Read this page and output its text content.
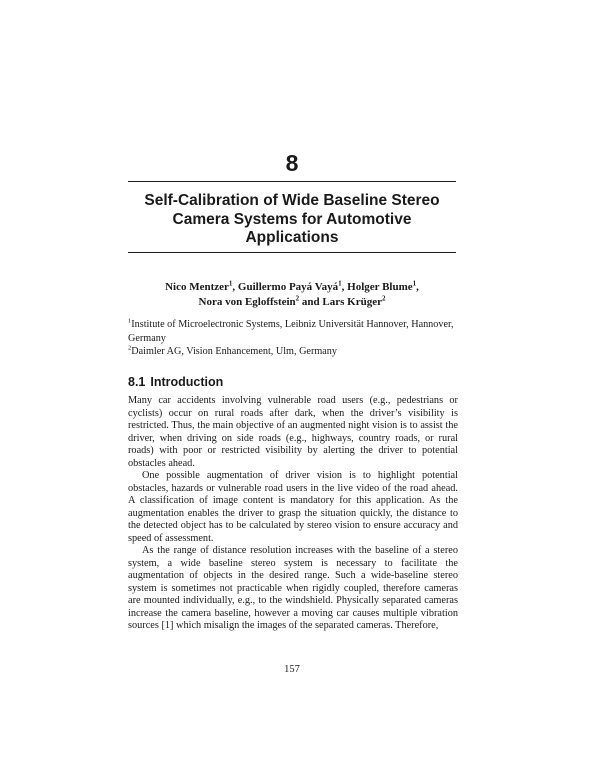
8
Self-Calibration of Wide Baseline Stereo
Camera Systems for Automotive
Applications
Nico Mentzer$^1$, Guillermo Payá Vayá$^1$, Holger Blume$^1$,
Nora von Egloffstein$^2$ and Lars Krüger$^2$
$^1$Institute of Microelectronic Systems, Leibniz Universität Hannover, Hannover, Germany
$^2$Daimler AG, Vision Enhancement, Ulm, Germany
8.1 Introduction

Many car accidents involving vulnerable road users (e.g., pedestrians or cyclists) occur on rural roads after dark, when the driver’s visibility is restricted. Thus, the main objective of an augmented night vision is to assist the driver, when driving on side roads (e.g., highways, country roads, or rural roads) with poor or restricted visibility by alerting the driver to potential obstacles ahead.

One possible augmentation of driver vision is to highlight potential obstacles, hazards or vulnerable road users in the live video of the road ahead. A classification of image content is mandatory for this application. As the augmentation enables the driver to grasp the situation quickly, the distance to the detected object has to be calculated by stereo vision to ensure accuracy and speed of assessment.

As the range of distance resolution increases with the baseline of a stereo system, a wide baseline stereo system is necessary to facilitate the augmentation of objects in the desired range. Such a wide-baseline stereo system is sometimes not practicable when rigidly coupled, therefore cameras are mounted individually, e.g., to the windshield. Physically separated cameras increase the camera baseline, however a moving car causes multiple vibration sources [1] which misalign the images of the separated cameras. Therefore,

157
